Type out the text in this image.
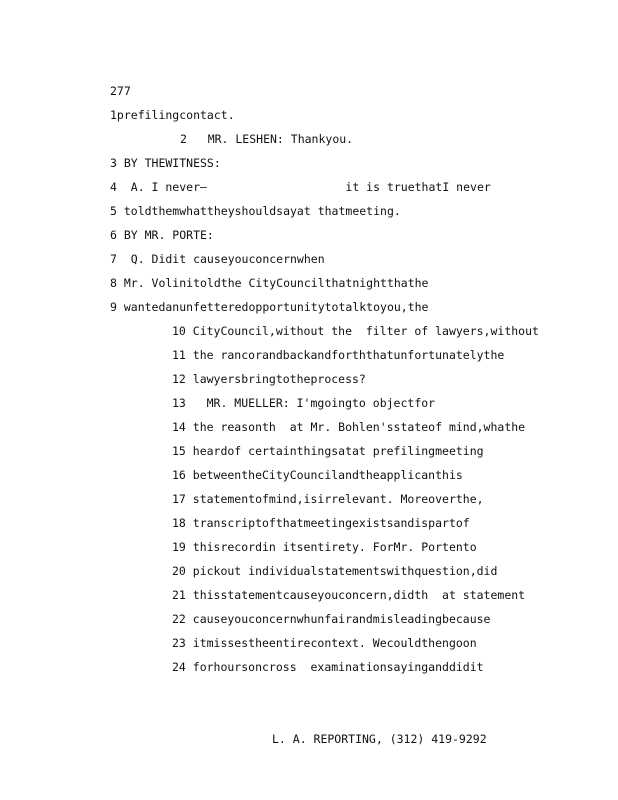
277
1prefilingcontact.
2   MR. LESHEN: Thankyou.
3 BY THEWITNESS:
4  A. I never—                    it is truethatI never
5 toldthemwhattheyshouldsayat thatmeeting.
6 BY MR. PORTE:
7  Q. Didit causeyouconcernwhen
8 Mr. Volinitoldthe CityCouncilthatnightthathe
9 wantedanunfetteredopportunitytotalktoyou,the
10 CityCouncil,without the  filter of lawyers,without
11 the rancorandbackandforththatunfortunatelythe
12 lawyersbringtotheprocess?
13   MR. MUELLER: I'mgoingto objectfor
14 the reasonth  at Mr. Bohlen'sstateof mind,whathe
15 heardof certainthingsatat prefilingmeeting
16 betweentheCityCouncilandtheapplicanthis
17 statementofmind,isirrelevant. Moreoverthe,
18 transcriptofthatmeetingexistsandispartof
19 thisrecordin itsentirety. ForMr. Portento
20 pickout individualstatementswithquestion,did
21 thisstatementcauseyouconcern,didth  at statement
22 causeyouconcernwhunfairandmisleadingbecause
23 itmissestheentirecontext. Wecouldthengoon
24 forhoursoncross  examinationsayinganddidit
L. A. REPORTING, (312) 419-9292
